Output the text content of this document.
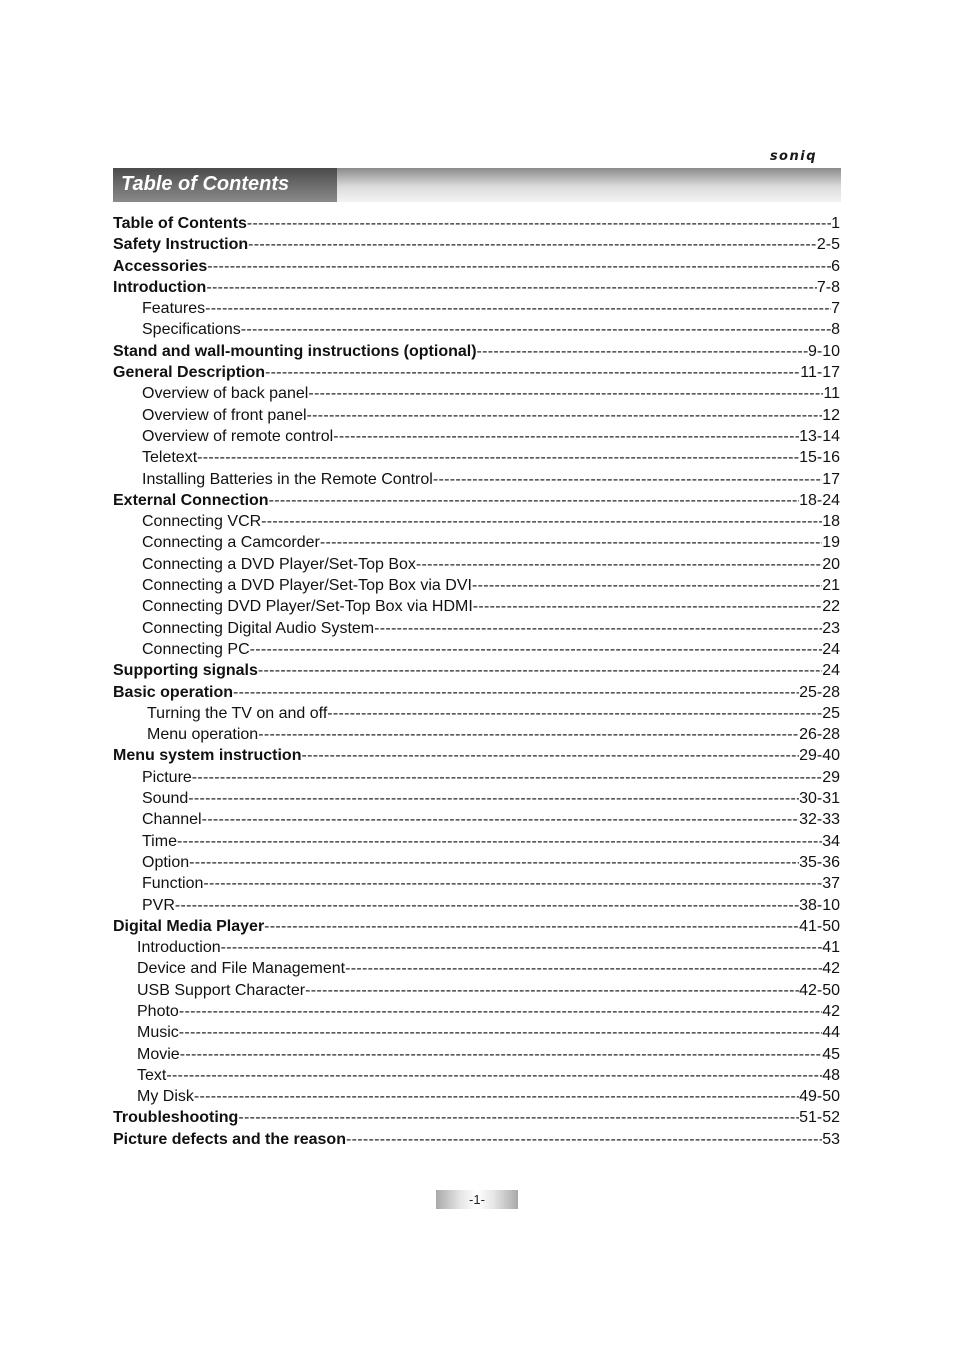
soniq
Table of Contents
Table of Contents -----	1
Safety Instruction -----	2-5
Accessories -----	6
Introduction -----	7-8
Features -----	7
Specifications -----	8
Stand and wall-mounting instructions (optional) -----	9-10
General Description -----	11-17
Overview of back panel -----	11
Overview of front panel -----	12
Overview of remote control -----	13-14
Teletext -----	15-16
Installing Batteries in the Remote Control -----	17
External Connection -----	18-24
Connecting VCR -----	18
Connecting a Camcorder -----	19
Connecting a DVD Player/Set-Top Box -----	20
Connecting a DVD Player/Set-Top Box via DVI -----	21
Connecting DVD Player/Set-Top Box via HDMI -----	22
Connecting Digital Audio System -----	23
Connecting PC -----	24
Supporting signals -----	24
Basic operation -----	25-28
Turning the TV on and off -----	25
Menu operation -----	26-28
Menu system instruction -----	29-40
Picture -----	29
Sound -----	30-31
Channel -----	32-33
Time -----	34
Option -----	35-36
Function -----	37
PVR -----	38-10
Digital Media Player -----	41-50
Introduction -----	41
Device and File Management -----	42
USB Support Character -----	42-50
Photo -----	42
Music -----	44
Movie -----	45
Text -----	48
My Disk -----	49-50
Troubleshooting -----	51-52
Picture defects and the reason -----	53
-1-
